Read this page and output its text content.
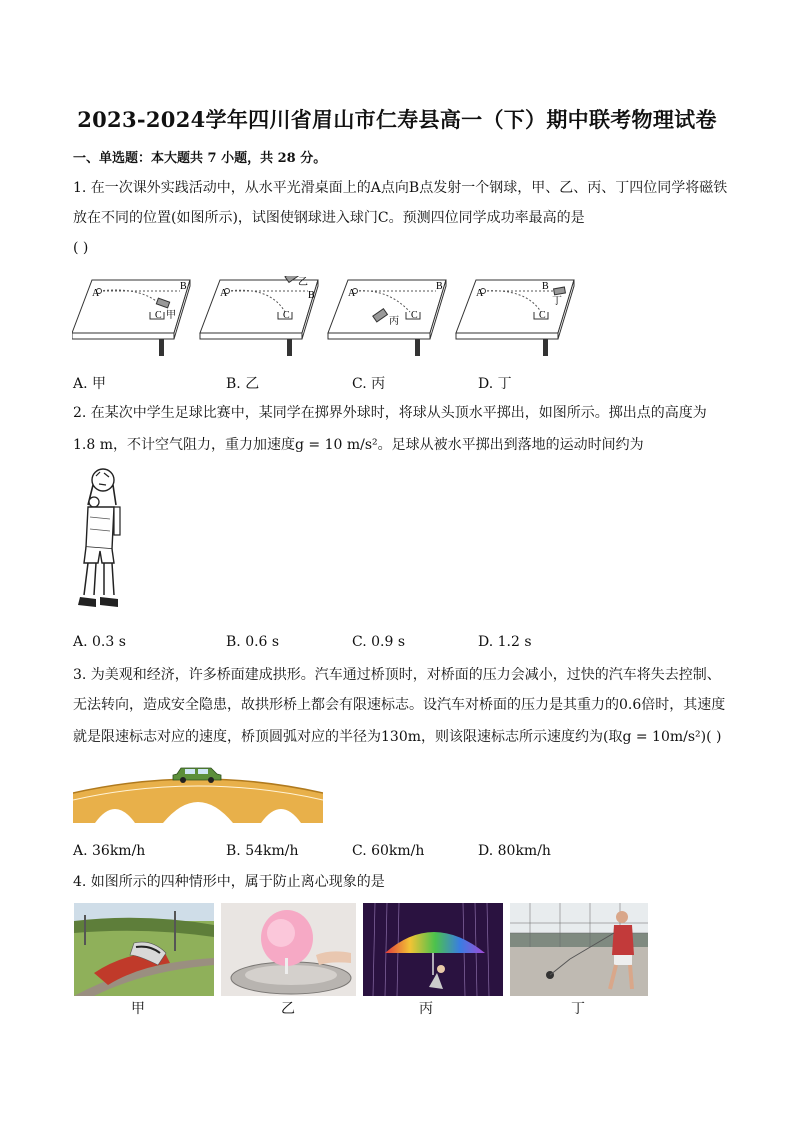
2023-2024学年四川省眉山市仁寿县高一（下）期中联考物理试卷
一、单选题：本大题共 7 小题，共 28 分。
1. 在一次课外实践活动中，从水平光滑桌面上的A点向B点发射一个钢球，甲、乙、丙、丁四位同学将磁铁
放在不同的位置(如图所示)，试图使钢球进入球门C。预测四位同学成功率最高的是
( )
A
B
C 甲
A	B
C
乙
A
B
C
丙
A
B
C
丁
A. 甲	B. 乙	C. 丙	D. 丁
2. 在某次中学生足球比赛中，某同学在掷界外球时，将球从头顶水平掷出，如图所示。掷出点的高度为
1.8 m，不计空气阻力，重力加速度g = 10 m/s²。足球从被水平掷出到落地的运动时间约为
A. 0.3 s	B. 0.6 s	C. 0.9 s	D. 1.2 s
3. 为美观和经济，许多桥面建成拱形。汽车通过桥顶时，对桥面的压力会减小，过快的汽车将失去控制、
无法转向，造成安全隐患，故拱形桥上都会有限速标志。设汽车对桥面的压力是其重力的0.6倍时，其速度
就是限速标志对应的速度，桥顶圆弧对应的半径为130m，则该限速标志所示速度约为(取g = 10m/s²)( )
A. 36km/h	B. 54km/h	C. 60km/h	D. 80km/h
4. 如图所示的四种情形中，属于防止离心现象的是
甲	乙	丙	丁
